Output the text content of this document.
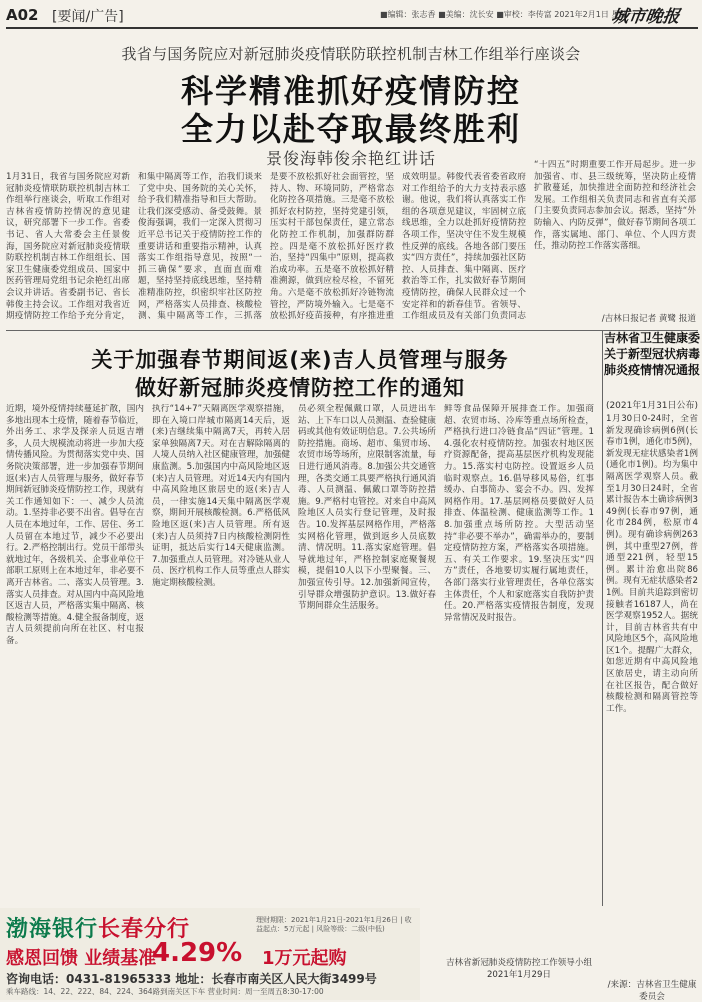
A02 [要闻/广告]	■编辑：张志香 ■美编：沈长安 ■审校：李传富 2021年2月1日 星期一
城市晚报
我省与国务院应对新冠肺炎疫情联防联控机制吉林工作组举行座谈会
科学精准抓好疫情防控
全力以赴夺取最终胜利
景俊海韩俊余艳红讲话
1月31日，我省与国务院应对新冠肺炎疫情联防联控机制吉林工作组举行座谈会，听取工作组对吉林省疫情防控情况的意见建议，研究部署下一步工作。省委书记、省人大常委会主任景俊海，国务院应对新冠肺炎疫情联防联控机制吉林工作组组长、国家卫生健康委党组成员、国家中医药管理局党组书记余艳红出席会议并讲话。省委副书记、省长韩俊主持会议。工作组对我省近期疫情防控工作给予充分肯定，
和集中隔离等工作，治我们谈来了党中央、国务院的关心关怀，给予我们精准指导和巨大帮助。让我们深受感动、备受鼓舞。景俊海强调，我们一定深入贯彻习近平总书记关于疫情防控工作的重要讲话和重要指示精神，认真落实工作组指导意见，按照“一抓三确保”要求，直面直面难题，坚持坚持底线思维，坚持精准精准防控，织密织牢社区防控网，严格落实人员排查、核酸检测、集中隔离等工作，三抓落
是要不放松抓好社会面管控，坚持人、物、环境同防，严格常态化防控各项措施。三是毫不放松抓好农村防控，坚持党建引领，压实村干部包保责任，建立常态化防控工作机制，加强群防群控。四是毫不放松抓好医疗救治，坚持“四集中”原则，提高救治成功率。五是毫不放松抓好精准溯源，做到应检尽检，不留死角。六是毫不放松抓好冷链物流管控，严防境外输入。七是毫不放松抓好疫苗接种，有序推进重
成效明显。韩俊代表省委省政府对工作组给予的大力支持表示感谢。他说，我们将认真落实工作组的各项意见建议，牢固树立底线思维，全力以赴抓好疫情防控各项工作，坚决守住不发生规模性反弹的底线。各地各部门要压实“四方责任”，持续加强社区防控、人员排查、集中隔离、医疗救治等工作，扎实做好春节期间疫情防控，确保人民群众过一个安定祥和的新春佳节。省领导、工作组成员及有关部门负责同志
“十四五”时期重要工作开局起步。进一步加强省、市、县三级统筹，坚决防止疫情扩散蔓延，加快推进全面防控和经济社会发展。工作组相关负责同志和省直有关部门主要负责同志参加会议。据悉，坚持“外防输入、内防反弹”，做好春节期间各项工作，落实属地、部门、单位、个人四方责任，推动防控工作落实落细。
/吉林日报记者 黄鹭 报道
关于加强春节期间返(来)吉人员管理与服务
做好新冠肺炎疫情防控工作的通知
近期，境外疫情持续蔓延扩散，国内多地出现本土疫情，随着春节临近，外出务工、求学及探亲人员返吉增多，人员大规模流动将进一步加大疫情传播风险。为贯彻落实党中央、国务院决策部署，进一步加强春节期间返(来)吉人员管理与服务，做好春节期间新冠肺炎疫情防控工作，现就有关工作通知如下：一、减少人员流动。1.坚持非必要不出省。倡导在吉人员在本地过年，工作、居住、务工人员留在本地过节，减少不必要出行。2.严格控制出行。党员干部带头就地过年，各级机关、企事业单位干部职工原则上在本地过年，非必要不离开吉林省。二、落实人员管理。3.落实人员排查。对从国内中高风险地区返吉人员，严格落实集中隔离、核酸检测等措施。4.健全报备制度，返吉人员须提前向所在社区、村屯报备。
执行“14+7”天隔离医学观察措施，即在入境口岸城市隔离14天后，返(来)吉继续集中隔离7天，再转入居家单独隔离7天。对在吉解除隔离的人境人员纳入社区健康管理，加强健康监测。5.加强国内中高风险地区返(来)吉人员管理。对近14天内有国内中高风险地区旅居史的返(来)吉人员，一律实施14天集中隔离医学观察，期间开展核酸检测。6.严格低风险地区返(来)吉人员管理。所有返(来)吉人员须持7日内核酸检测阴性证明，抵达后实行14天健康监测。7.加强重点人员管理。对冷链从业人员、医疗机构工作人员等重点人群实施定期核酸检测。
员必须全程佩戴口罩，人员进出车站、上下车口以人员测温、查验健康码或其他有效证明信息。7.公共场所防控措施。商场、超市、集贸市场、农贸市场等场所，应限制客流量，每日进行通风消毒。8.加强公共交通管理，各类交通工具要严格执行通风消毒、人员测温、佩戴口罩等防控措施。9.严格村屯管控。对来自中高风险地区人员实行登记管理，及时报告。10.发挥基层网格作用，严格落实网格化管理，做到返乡人员底数清、情况明。11.落实家庭管理。倡导就地过年，严格控制家庭聚餐规模，提倡10人以下小型聚餐。三、加强宣传引导。12.加强新闻宣传，引导群众增强防护意识。13.做好春节期间群众生活服务。
鲜等食品保障开展排查工作。加强商超、农贸市场、冷库等重点场所检查，严格执行进口冷链食品“四证”管理。14.强化农村疫情防控。加强农村地区医疗资源配备，提高基层医疗机构发现能力。15.落实村屯防控。设置返乡人员临时观察点。16.倡导移风易俗，红事缓办、白事简办、宴会不办。四、发挥网格作用。17.基层网格员要做好人员排查、体温检测、健康监测等工作。18.加强重点场所防控。大型活动坚持“非必要不举办”，确需举办的，要制定疫情防控方案，严格落实各项措施。五、有关工作要求。19.坚决压实“四方”责任，各地要切实履行属地责任，各部门落实行业管理责任，各单位落实主体责任，个人和家庭落实自我防护责任。20.严格落实疫情报告制度，发现异常情况及时报告。
吉林省新冠肺炎疫情防控工作领导小组
2021年1月29日
吉林省卫生健康委关于新型冠状病毒肺炎疫情情况通报
(2021年1月31日公布)
1月30日0-24时，全省新发现确诊病例6例(长春市1例，通化市5例)，新发现无症状感染者1例(通化市1例)。均为集中隔离医学观察人员。截至1月30日24时，全省累计报告本土确诊病例349例(长春市97例，通化市284例，松原市4例)。现有确诊病例263例，其中重型27例，普通型221例，轻型15例。累计治愈出院86例。现有无症状感染者21例。目前共追踪到密切接触者16187人，尚在医学观察1952人。据统计，目前吉林省共有中风险地区5个，高风险地区1个。提醒广大群众，如您近期有中高风险地区旅居史，请主动向所在社区报告，配合做好核酸检测和隔离管控等工作。
/来源：吉林省卫生健康委员会
渤海银行长春分行	理财期限：2021年1月21日-2021年1月26日 | 收益起点：5万元起 | 风险等级：二级(中低)
感恩回馈 业绩基准
4.29% 1万元起购
咨询电话：0431-81965333 地址：长春市南关区人民大街3499号
乘车路线：14、22、222、84、224、364路到南关区下车 营业时间：周一至周五8:30-17:00
